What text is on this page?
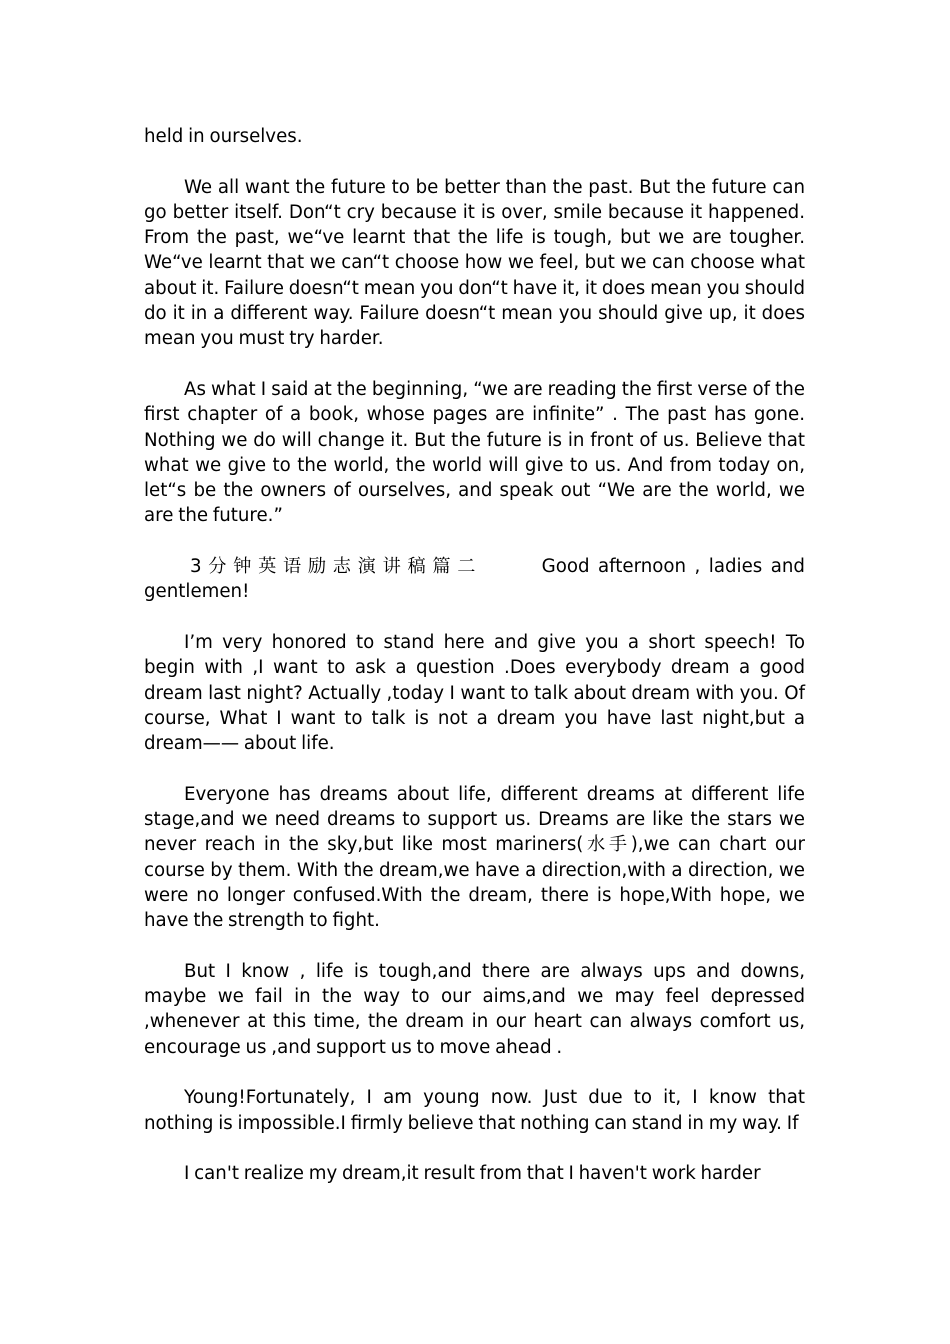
held in ourselves.

We all want the future to be better than the past. But the future can go better itself. Don“t cry because it is over, smile because it happened. From the past, we“ve learnt that the life is tough, but we are tougher. We“ve learnt that we can“t choose how we feel, but we can choose what about it. Failure doesn“t mean you don“t have it, it does mean you should do it in a different way. Failure doesn“t mean you should give up, it does mean you must try harder.

As what I said at the beginning, “we are reading the first verse of the first chapter of a book, whose pages are infinite” . The past has gone. Nothing we do will change it. But the future is in front of us. Believe that what we give to the world, the world will give to us. And from today on, let“s be the owners of ourselves, and speak out “We are the world, we are the future.”

3分钟英语励志演讲稿篇二	Good afternoon , ladies and gentlemen!

I’m very honored to stand here and give you a short speech! To begin with ,I want to ask a question .Does everybody dream a good dream last night? Actually ,today I want to talk about dream with you. Of course, What I want to talk is not a dream you have last night,but a dream—— about life.

Everyone has dreams about life, different dreams at different life stage,and we need dreams to support us. Dreams are like the stars we never reach in the sky,but like most mariners(水手),we can chart our course by them. With the dream,we have a direction,with a direction, we were no longer confused.With the dream, there is hope,With hope, we have the strength to fight.

But I know , life is tough,and there are always ups and downs, maybe we fail in the way to our aims,and we may feel depressed ,whenever at this time, the dream in our heart can always comfort us, encourage us ,and support us to move ahead .

Young!Fortunately, I am young now. Just due to it, I know that nothing is impossible.I firmly believe that nothing can stand in my way. If

I can't realize my dream,it result from that I haven't work harder
